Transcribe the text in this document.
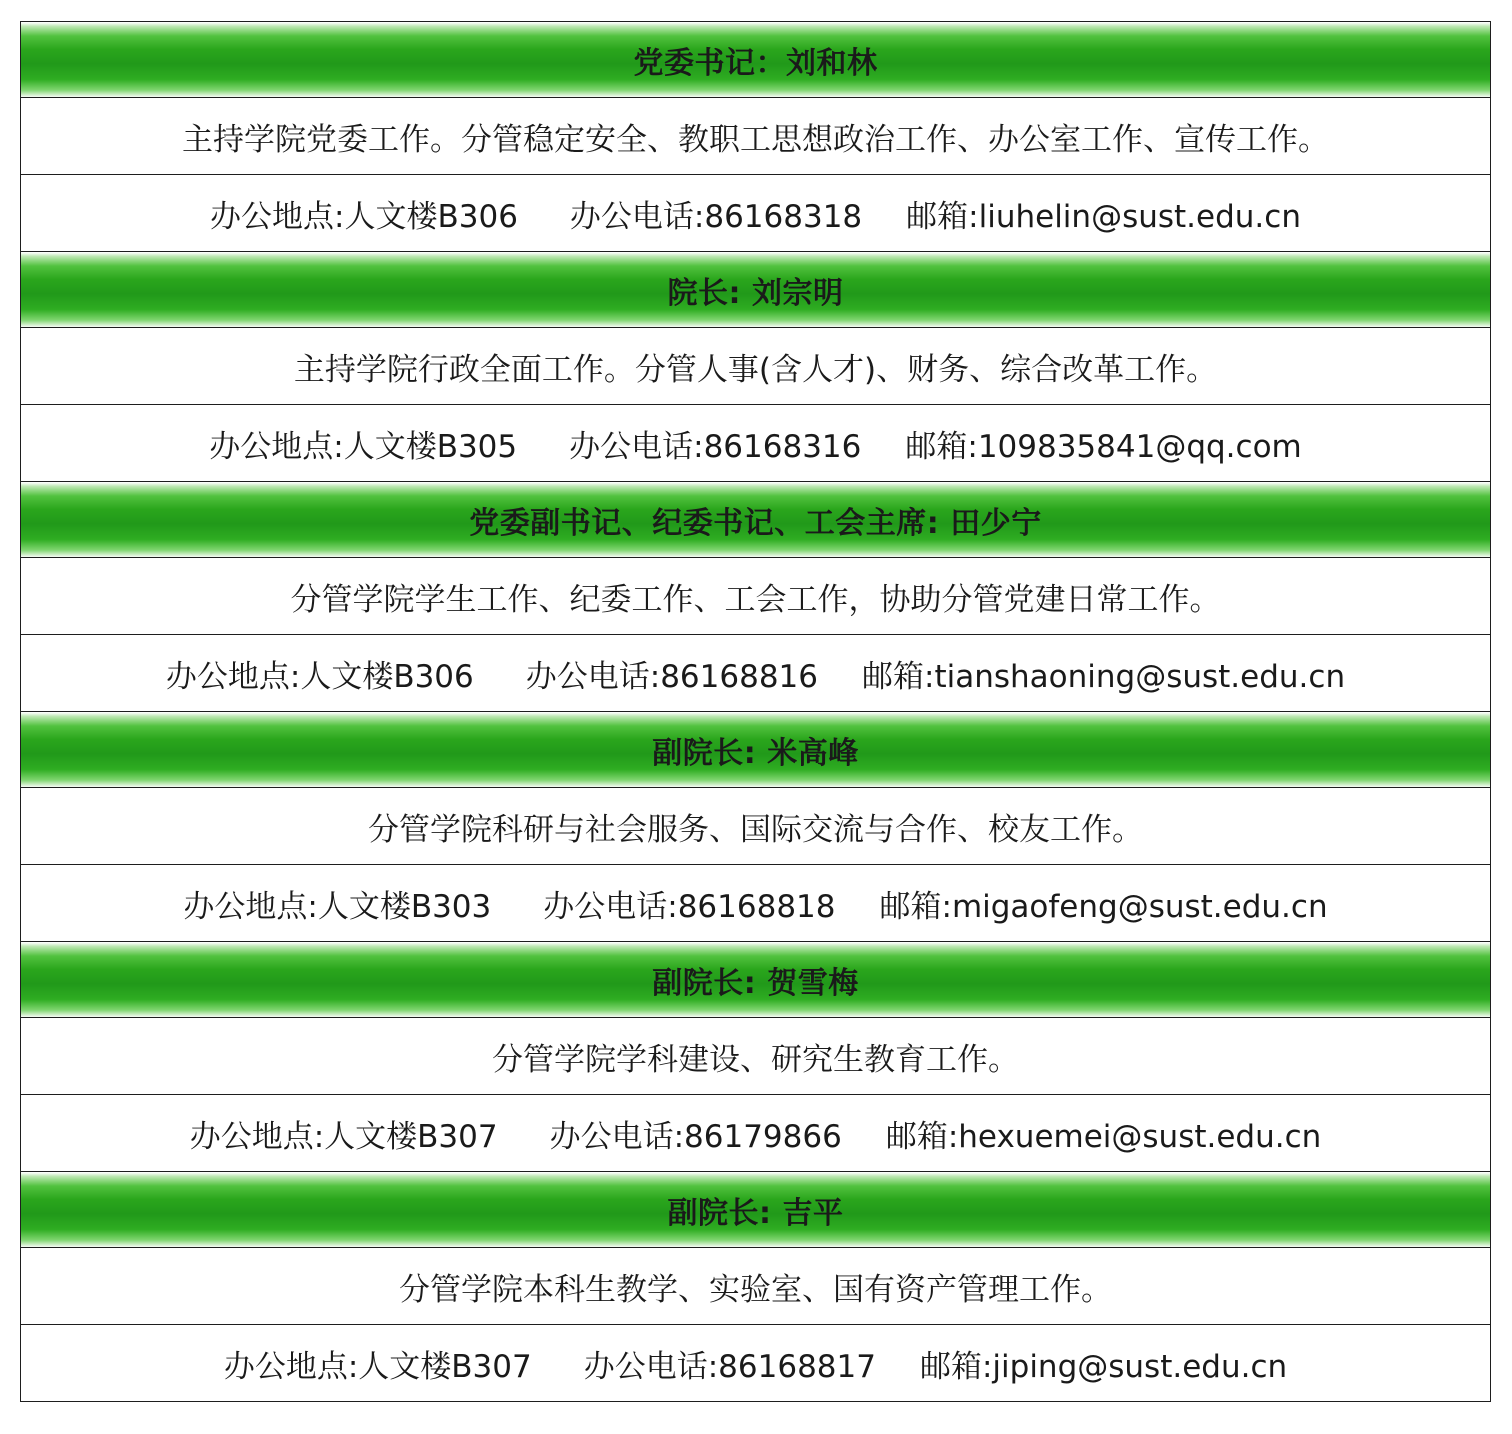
党委书记：刘和林
主持学院党委工作。分管稳定安全、教职工思想政治工作、办公室工作、宣传工作。
办公地点:人文楼B306 办公电话:86168318 邮箱:liuhelin@sust.edu.cn
院长: 刘宗明
主持学院行政全面工作。分管人事(含人才)、财务、综合改革工作。
办公地点:人文楼B305 办公电话:86168316 邮箱:109835841@qq.com
党委副书记、纪委书记、工会主席: 田少宁
分管学院学生工作、纪委工作、工会工作，协助分管党建日常工作。
办公地点:人文楼B306 办公电话:86168816 邮箱:tianshaoning@sust.edu.cn
副院长: 米高峰
分管学院科研与社会服务、国际交流与合作、校友工作。
办公地点:人文楼B303 办公电话:86168818 邮箱:migaofeng@sust.edu.cn
副院长: 贺雪梅
分管学院学科建设、研究生教育工作。
办公地点:人文楼B307 办公电话:86179866 邮箱:hexuemei@sust.edu.cn
副院长: 吉平
分管学院本科生教学、实验室、国有资产管理工作。
办公地点:人文楼B307 办公电话:86168817 邮箱:jiping@sust.edu.cn
